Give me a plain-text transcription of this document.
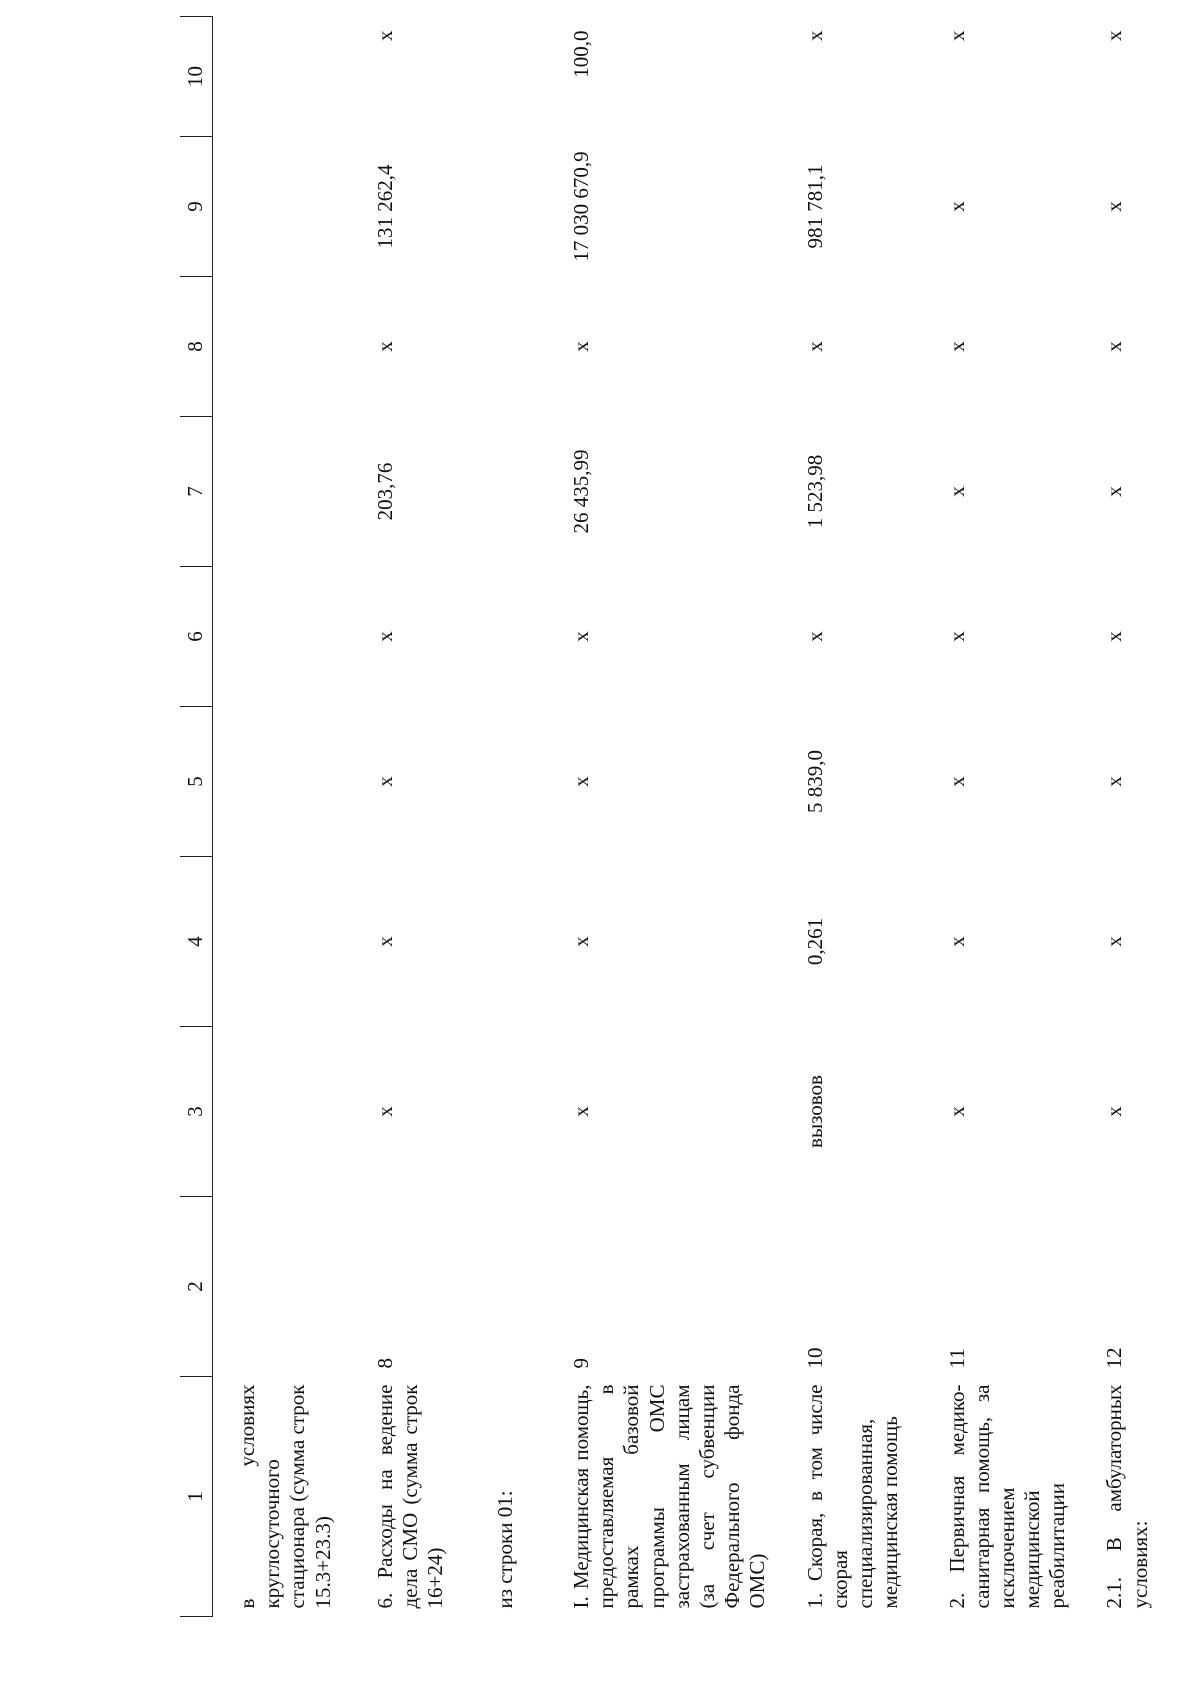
1	2	3	4	5	6	7	8	9	10
в условиях круглосуточного стационара (сумма строк 15.3+23.3)									
6. Расходы на ведение дела СМО (сумма строк 16+24)	8	х	х	х	х	203,76	х	131 262,4	х
из строки 01:									
I. Медицинская помощь, предоставляемая в рамках базовой программы ОМС застрахованным лицам (за счет субвенции Федерального фонда ОМС)	9	х	х	х	х	26 435,99	х	17 030 670,9	100,0
1. Скорая, в том числе скорая специализированная, медицинская помощь	10	вызовов	0,261	5 839,0	х	1 523,98	х	981 781,1	х
2. Первичная медико-санитарная помощь, за исключением медицинской реабилитации	11	х	х	х	х	х	х	х	х
2.1. В амбулаторных условиях:	12	х	х	х	х	х	х	х	х
